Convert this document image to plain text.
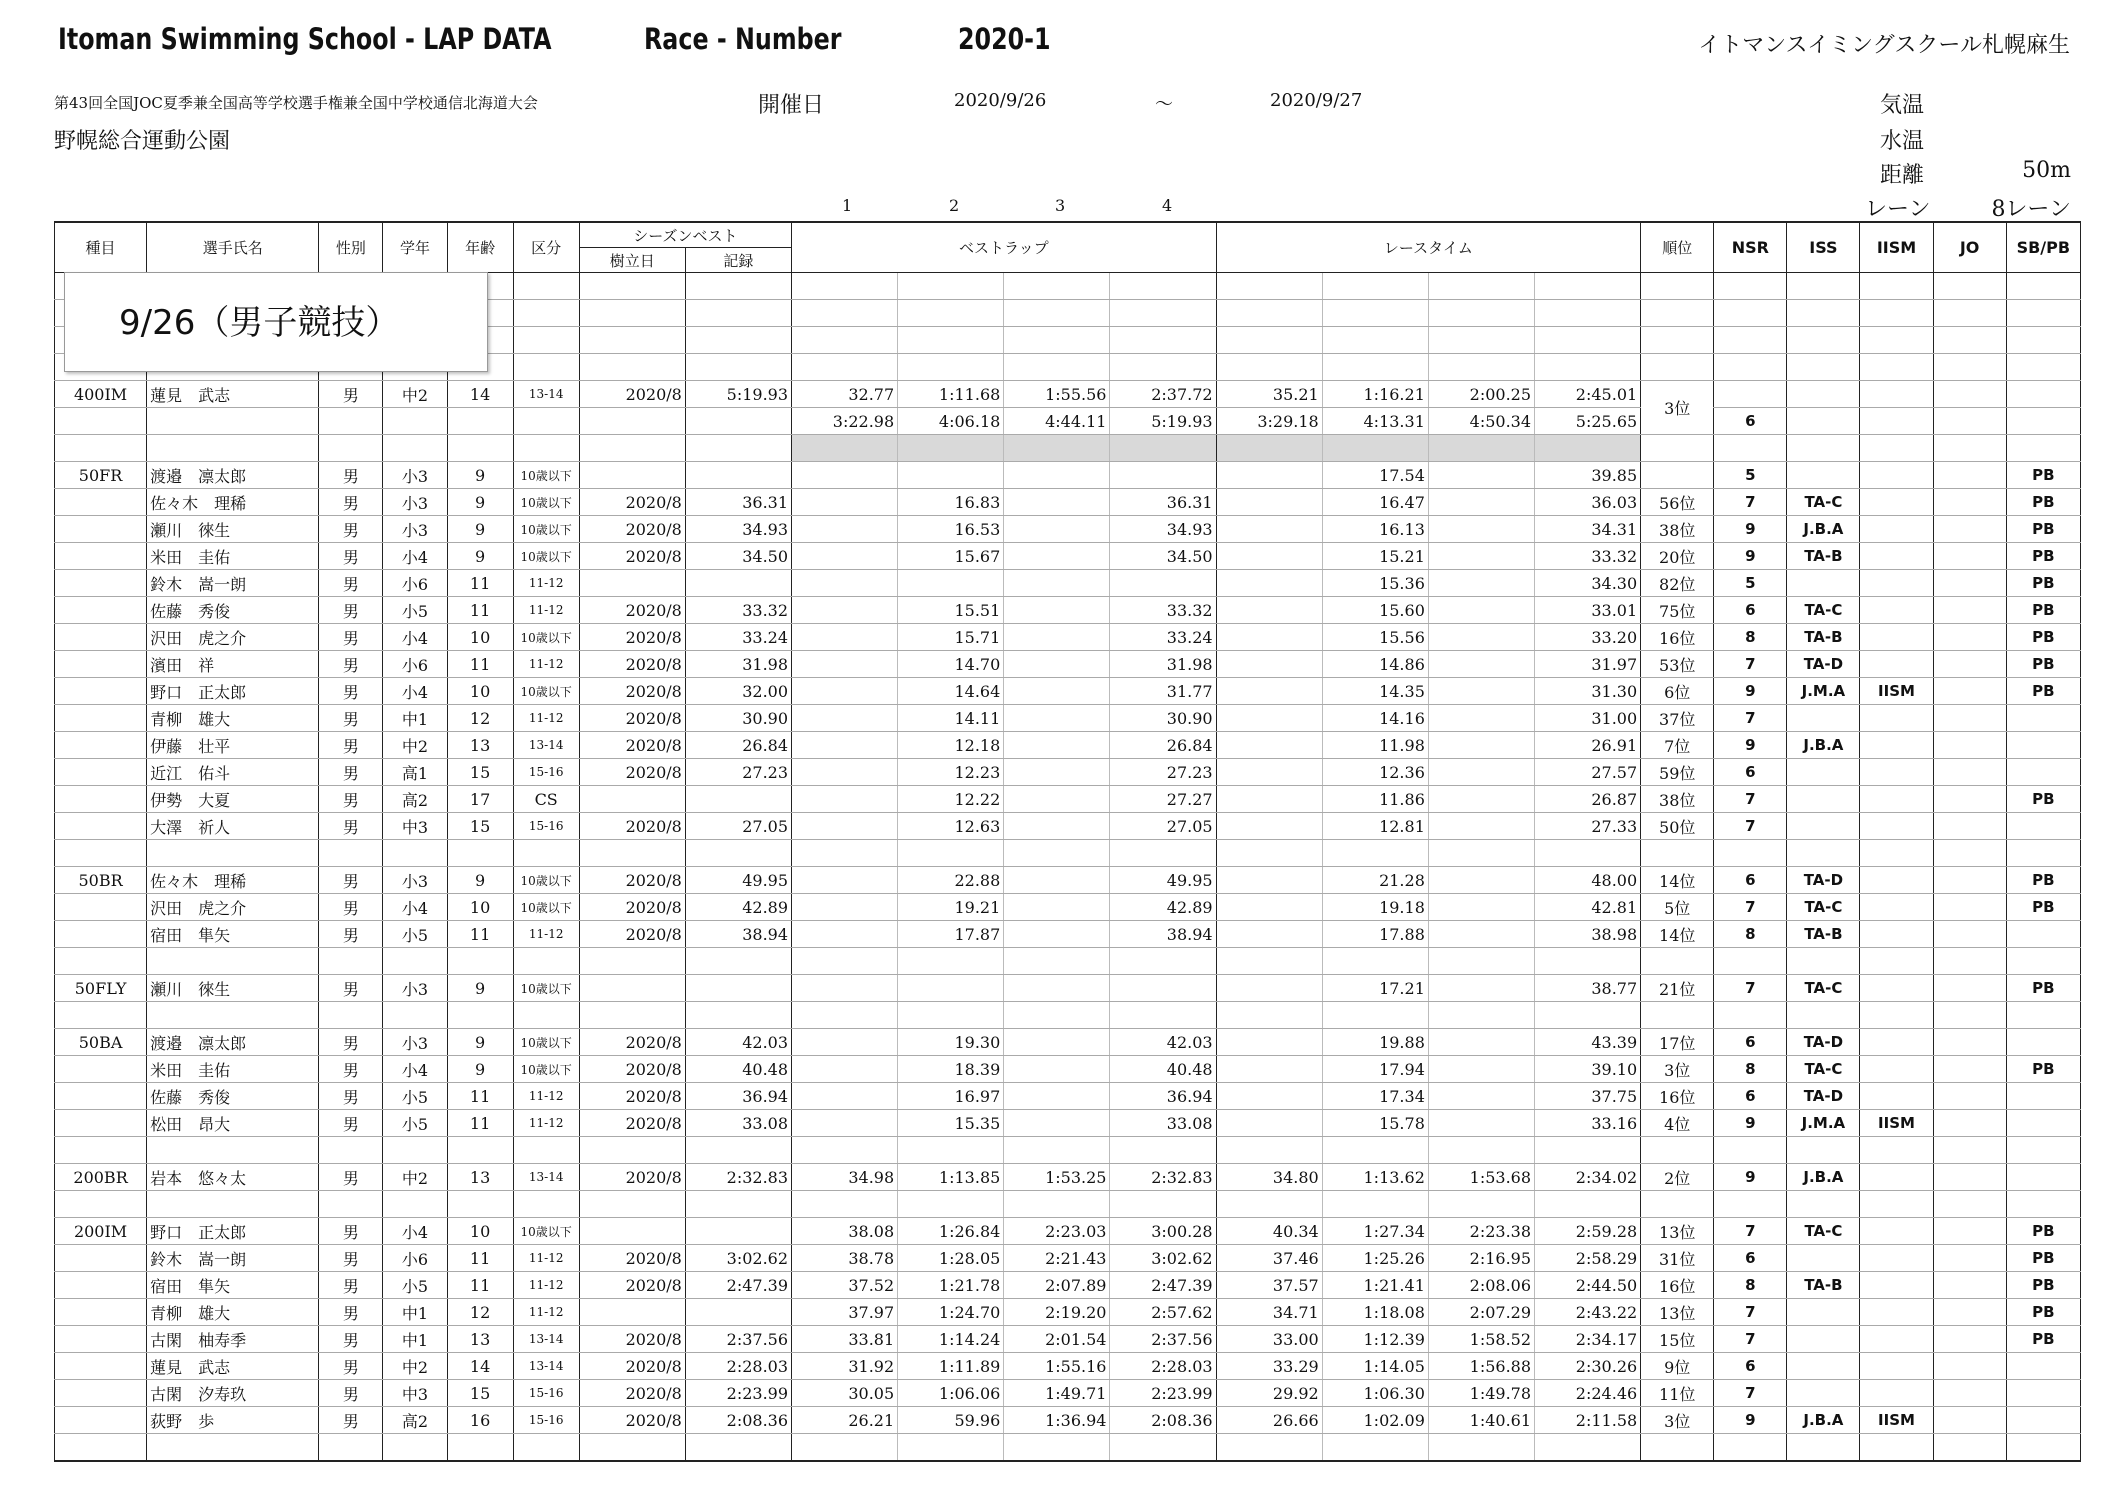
Itoman Swimming School - LAP DATA	Race - Number	2020-1	イトマンスイミングスクール札幌麻生
第43回全国JOC夏季兼全国高等学校選手権兼全国中学校通信北海道大会
野幌総合運動公園
開催日	2020/9/26	～	2020/9/27	気温
水温
距離	50m
レーン	8レーン
1	2	3	4
種目	選手氏名	性別	学年	年齢	区分	シーズンベスト		ベストラップ				レースタイム				順位	NSR	ISS	IISM	JO	SB/PB
						樹立日	記録														

400IM	蓮見　武志	男	中2	14	13-14	2020/8	5:19.93	32.77	1:11.68	1:55.56	2:37.72	35.21	1:16.21	2:00.25	2:45.01	3位					
								3:22.98	4:06.18	4:44.11	5:19.93	3:29.18	4:13.31	4:50.34	5:25.65		6				

50FR	渡邉　凛太郎	男	小3	9	10歳以下								17.54		39.85		5				PB
	佐々木　理稀	男	小3	9	10歳以下	2020/8	36.31		16.83		36.31		16.47		36.03	56位	7	TA-C			PB
	瀬川　徠生	男	小3	9	10歳以下	2020/8	34.93		16.53		34.93		16.13		34.31	38位	9	J.B.A			PB
	米田　圭佑	男	小4	9	10歳以下	2020/8	34.50		15.67		34.50		15.21		33.32	20位	9	TA-B			PB
	鈴木　嵩一朗	男	小6	11	11-12								15.36		34.30	82位	5				PB
	佐藤　秀俊	男	小5	11	11-12	2020/8	33.32		15.51		33.32		15.60		33.01	75位	6	TA-C			PB
	沢田　虎之介	男	小4	10	10歳以下	2020/8	33.24		15.71		33.24		15.56		33.20	16位	8	TA-B			PB
	濱田　祥	男	小6	11	11-12	2020/8	31.98		14.70		31.98		14.86		31.97	53位	7	TA-D			PB
	野口　正太郎	男	小4	10	10歳以下	2020/8	32.00		14.64		31.77		14.35		31.30	6位	9	J.M.A	IISM		PB
	青柳　雄大	男	中1	12	11-12	2020/8	30.90		14.11		30.90		14.16		31.00	37位	7				
	伊藤　壮平	男	中2	13	13-14	2020/8	26.84		12.18		26.84		11.98		26.91	7位	9	J.B.A			
	近江　佑斗	男	高1	15	15-16	2020/8	27.23		12.23		27.23		12.36		27.57	59位	6				
	伊勢　大夏	男	高2	17	CS				12.22		27.27		11.86		26.87	38位	7				PB
	大澤　祈人	男	中3	15	15-16	2020/8	27.05		12.63		27.05		12.81		27.33	50位	7				

50BR	佐々木　理稀	男	小3	9	10歳以下	2020/8	49.95		22.88		49.95		21.28		48.00	14位	6	TA-D			PB
	沢田　虎之介	男	小4	10	10歳以下	2020/8	42.89		19.21		42.89		19.18		42.81	5位	7	TA-C			PB
	宿田　隼矢	男	小5	11	11-12	2020/8	38.94		17.87		38.94		17.88		38.98	14位	8	TA-B			

50FLY	瀬川　徠生	男	小3	9	10歳以下								17.21		38.77	21位	7	TA-C			PB

50BA	渡邉　凛太郎	男	小3	9	10歳以下	2020/8	42.03		19.30		42.03		19.88		43.39	17位	6	TA-D			
	米田　圭佑	男	小4	9	10歳以下	2020/8	40.48		18.39		40.48		17.94		39.10	3位	8	TA-C			PB
	佐藤　秀俊	男	小5	11	11-12	2020/8	36.94		16.97		36.94		17.34		37.75	16位	6	TA-D			
	松田　昂大	男	小5	11	11-12	2020/8	33.08		15.35		33.08		15.78		33.16	4位	9	J.M.A	IISM		

200BR	岩本　悠々太	男	中2	13	13-14	2020/8	2:32.83	34.98	1:13.85	1:53.25	2:32.83	34.80	1:13.62	1:53.68	2:34.02	2位	9	J.B.A			

200IM	野口　正太郎	男	小4	10	10歳以下			38.08	1:26.84	2:23.03	3:00.28	40.34	1:27.34	2:23.38	2:59.28	13位	7	TA-C			PB
	鈴木　嵩一朗	男	小6	11	11-12	2020/8	3:02.62	38.78	1:28.05	2:21.43	3:02.62	37.46	1:25.26	2:16.95	2:58.29	31位	6				PB
	宿田　隼矢	男	小5	11	11-12	2020/8	2:47.39	37.52	1:21.78	2:07.89	2:47.39	37.57	1:21.41	2:08.06	2:44.50	16位	8	TA-B			PB
	青柳　雄大	男	中1	12	11-12			37.97	1:24.70	2:19.20	2:57.62	34.71	1:18.08	2:07.29	2:43.22	13位	7				PB
	古閑　柚寿季	男	中1	13	13-14	2020/8	2:37.56	33.81	1:14.24	2:01.54	2:37.56	33.00	1:12.39	1:58.52	2:34.17	15位	7				PB
	蓮見　武志	男	中2	14	13-14	2020/8	2:28.03	31.92	1:11.89	1:55.16	2:28.03	33.29	1:14.05	1:56.88	2:30.26	9位	6				
	古閑　汐寿玖	男	中3	15	15-16	2020/8	2:23.99	30.05	1:06.06	1:49.71	2:23.99	29.92	1:06.30	1:49.78	2:24.46	11位	7				
	荻野　歩	男	高2	16	15-16	2020/8	2:08.36	26.21	59.96	1:36.94	2:08.36	26.66	1:02.09	1:40.61	2:11.58	3位	9	J.B.A	IISM		

9/26（男子競技）
